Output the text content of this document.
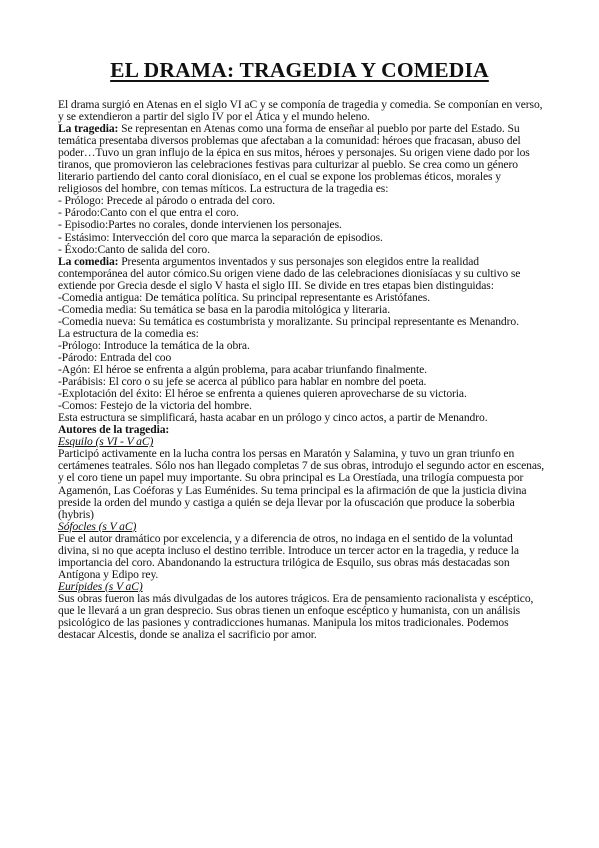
EL DRAMA: TRAGEDIA Y COMEDIA

El drama surgió en Atenas en el siglo VI aC y se componía de tragedia y comedia. Se componían en verso, y se extendieron a partir del siglo IV por el Ática y el mundo heleno.

La tragedia: Se representan en Atenas como una forma de enseñar al pueblo por parte del Estado. Su temática presentaba diversos problemas que afectaban a la comunidad: héroes que fracasan, abuso del poder…Tuvo un gran influjo de la épica en sus mitos, héroes y personajes. Su origen viene dado por los tiranos, que promovieron las celebraciones festivas para culturizar al pueblo. Se crea como un género literario partiendo del canto coral dionisíaco, en el cual se expone los problemas éticos, morales y religiosos del hombre, con temas míticos. La estructura de la tragedia es:

- Prólogo: Precede al párodo o entrada del coro.

- Párodo:Canto con el que entra el coro.

- Episodio:Partes no corales, donde intervienen los personajes.

- Estásimo: Intervección del coro que marca la separación de episodios.

- Éxodo:Canto de salida del coro.

La comedia: Presenta argumentos inventados y sus personajes son elegidos entre la realidad contemporánea del autor cómico.Su origen viene dado de las celebraciones dionisíacas y su cultivo se extiende por Grecia desde el siglo V hasta el siglo III. Se divide en tres etapas bien distinguidas:

-Comedia antigua: De temática política. Su principal representante es Aristófanes.

-Comedia media: Su temática se basa en la parodia mitológica y literaria.

-Comedia nueva: Su temática es costumbrista y moralizante. Su principal representante es Menandro.

La estructura de la comedia es:

-Prólogo: Introduce la temática de la obra.

-Párodo: Entrada del coo

-Agón: El héroe se enfrenta a algún problema, para acabar triunfando finalmente.

-Parábisis: El coro o su jefe se acerca al público para hablar en nombre del poeta.

-Explotación del éxito: El héroe se enfrenta a quienes quieren aprovecharse de su victoria.

-Comos: Festejo de la victoria del hombre.

Esta estructura se simplificará, hasta acabar en un prólogo y cinco actos, a partir de Menandro.

Autores de la tragedia:

Esquilo (s VI - V aC)

Participó activamente en la lucha contra los persas en Maratón y Salamina, y tuvo un gran triunfo en certámenes teatrales. Sólo nos han llegado completas 7 de sus obras, introdujo el segundo actor en escenas, y el coro tiene un papel muy importante. Su obra principal es La Orestíada, una trilogía compuesta por Agamenón, Las Coéforas y Las Euménides. Su tema principal es la afirmación de que la justicia divina preside la orden del mundo y castiga a quién se deja llevar por la ofuscación que produce la soberbia (hybris)

Sófocles (s V aC)

Fue el autor dramático por excelencia, y a diferencia de otros, no indaga en el sentido de la voluntad divina, si no que acepta incluso el destino terrible. Introduce un tercer actor en la tragedia, y reduce la importancia del coro. Abandonando la estructura trilógica de Esquilo, sus obras más destacadas son Antígona y Edipo rey.

Eurípides (s V aC)

Sus obras fueron las más divulgadas de los autores trágicos. Era de pensamiento racionalista y escéptico, que le llevará a un gran desprecio. Sus obras tienen un enfoque escéptico y humanista, con un análisis psicológico de las pasiones y contradicciones humanas. Manipula los mitos tradicionales. Podemos destacar Alcestis, donde se analiza el sacrificio por amor.
